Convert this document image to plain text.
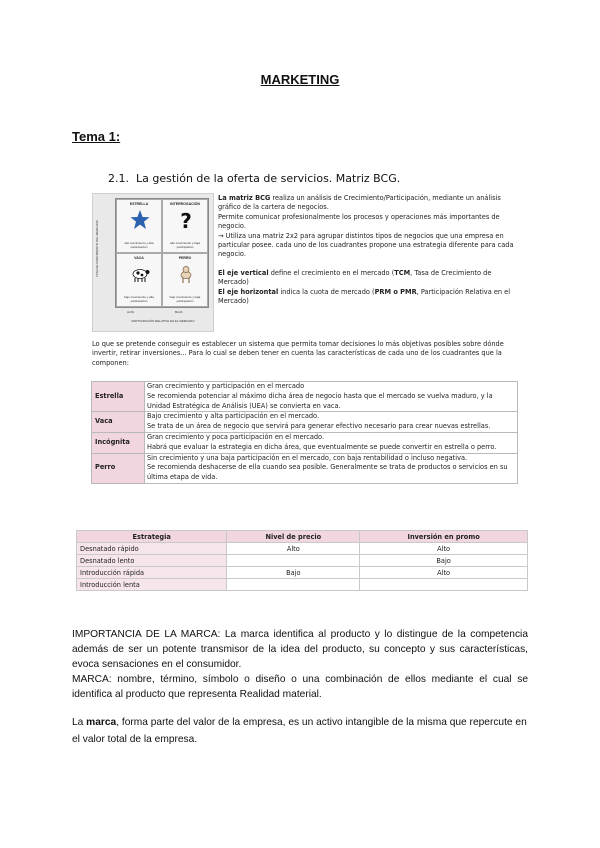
MARKETING
Tema 1:
2.1. La gestión de la oferta de servicios. Matriz BCG.
TASA DE CRECIMIENTO DEL MERCADO
ESTRELLA
alto crecimiento y alta participación
INTERROGACIÓN
?
alto crecimiento y baja participación
VACA
bajo crecimiento y alta participación
PERRO
bajo crecimiento y baja participación
ALTA	BAJA
PARTICIPACIÓN RELATIVA EN EL MERCADO

La matriz BCG realiza un análisis de Crecimiento/Participación, mediante un análisis gráfico de la cartera de negocios.

Permite comunicar profesionalmente los procesos y operaciones más importantes de negocio.

→ Utiliza una matriz 2x2 para agrupar distintos tipos de negocios que una empresa en particular posee. cada uno de los cuadrantes propone una estrategia diferente para cada negocio.

El eje vertical define el crecimiento en el mercado (TCM, Tasa de Crecimiento de Mercado)

El eje horizontal indica la cuota de mercado (PRM o PMR, Participación Relativa en el Mercado)

Lo que se pretende conseguir es establecer un sistema que permita tomar decisiones lo más objetivas posibles sobre dónde invertir, retirar inversiones... Para lo cual se deben tener en cuenta las características de cada uno de los cuadrantes que la componen:
Estrella	Gran crecimiento y participación en el mercado
Se recomienda potenciar al máximo dicha área de negocio hasta que el mercado se vuelva maduro, y la Unidad Estratégica de Análisis (UEA) se convierta en vaca.

Vaca	Bajo crecimiento y alta participación en el mercado.
Se trata de un área de negocio que servirá para generar efectivo necesario para crear nuevas estrellas.

Incógnita	Gran crecimiento y poca participación en el mercado.
Habrá que evaluar la estrategia en dicha área, que eventualmente se puede convertir en estrella o perro.

Perro	Sin crecimiento y una baja participación en el mercado, con baja rentabilidad o incluso negativa.
Se recomienda deshacerse de ella cuando sea posible. Generalmente se trata de productos o servicios en su última etapa de vida.
Estrategia	Nivel de precio	Inversión en promo
Desnatado rápido	Alto	Alto
Desnatado lento		Bajo
Introducción rápida	Bajo	Alto
Introducción lenta		

IMPORTANCIA DE LA MARCA: La marca identifica al producto y lo distingue de la competencia además de ser un potente transmisor de la idea del producto, su concepto y sus características, evoca sensaciones en el consumidor.

MARCA: nombre, término, símbolo o diseño o una combinación de ellos mediante el cual se identifica al producto que representa Realidad material.

La marca, forma parte del valor de la empresa, es un activo intangible de la misma que repercute en el valor total de la empresa.
